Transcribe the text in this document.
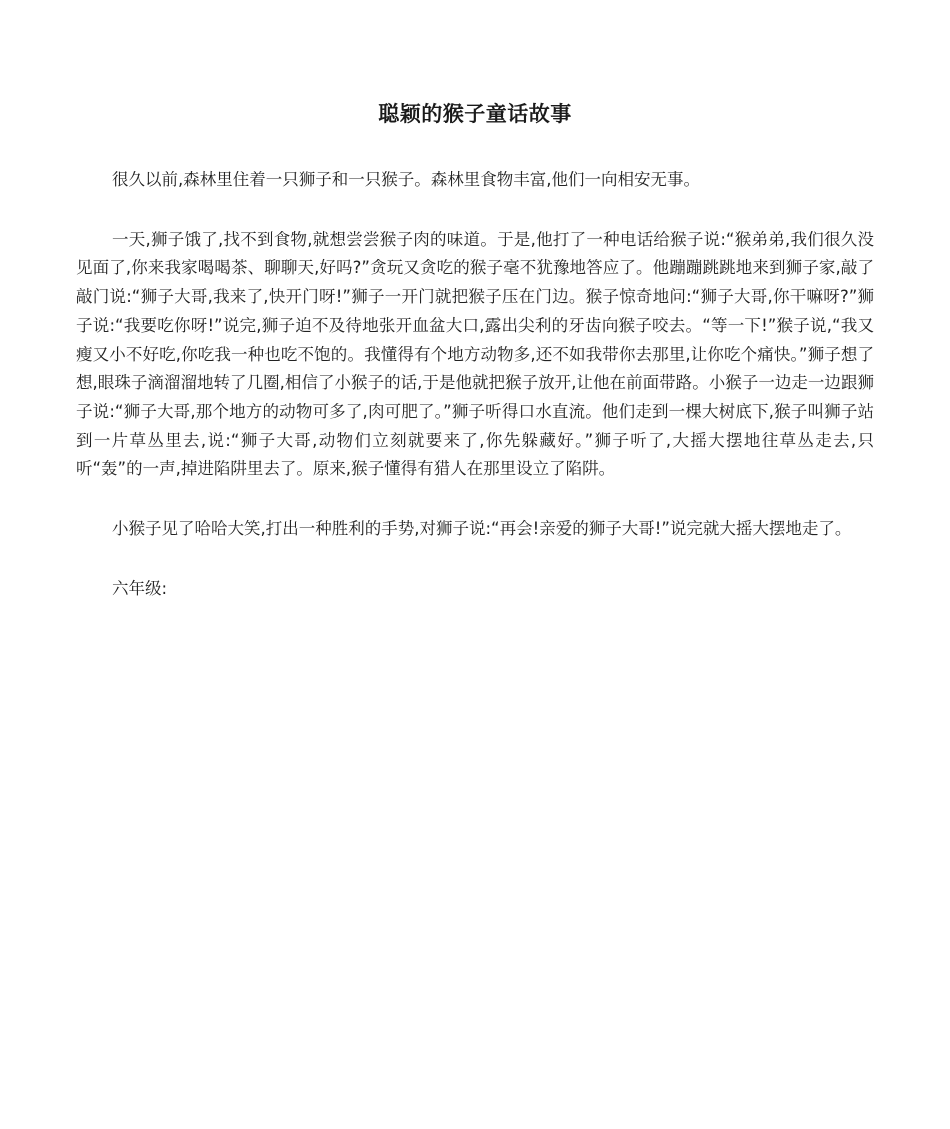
聪颖的猴子童话故事

很久以前,森林里住着一只狮子和一只猴子。森林里食物丰富,他们一向相安无事。

一天,狮子饿了,找不到食物,就想尝尝猴子肉的味道。于是,他打了一种电话给猴子说:“猴弟弟,我们很久没见面了,你来我家喝喝茶、聊聊天,好吗?”贪玩又贪吃的猴子毫不犹豫地答应了。他蹦蹦跳跳地来到狮子家,敲了敲门说:“狮子大哥,我来了,快开门呀!”狮子一开门就把猴子压在门边。猴子惊奇地问:“狮子大哥,你干嘛呀?”狮子说:“我要吃你呀!”说完,狮子迫不及待地张开血盆大口,露出尖利的牙齿向猴子咬去。“等一下!”猴子说,“我又瘦又小不好吃,你吃我一种也吃不饱的。我懂得有个地方动物多,还不如我带你去那里,让你吃个痛快。”狮子想了想,眼珠子滴溜溜地转了几圈,相信了小猴子的话,于是他就把猴子放开,让他在前面带路。小猴子一边走一边跟狮子说:“狮子大哥,那个地方的动物可多了,肉可肥了。”狮子听得口水直流。他们走到一棵大树底下,猴子叫狮子站到一片草丛里去,说:“狮子大哥,动物们立刻就要来了,你先躲藏好。”狮子听了,大摇大摆地往草丛走去,只听“轰”的一声,掉进陷阱里去了。原来,猴子懂得有猎人在那里设立了陷阱。

小猴子见了哈哈大笑,打出一种胜利的手势,对狮子说:“再会!亲爱的狮子大哥!”说完就大摇大摆地走了。

六年级:
